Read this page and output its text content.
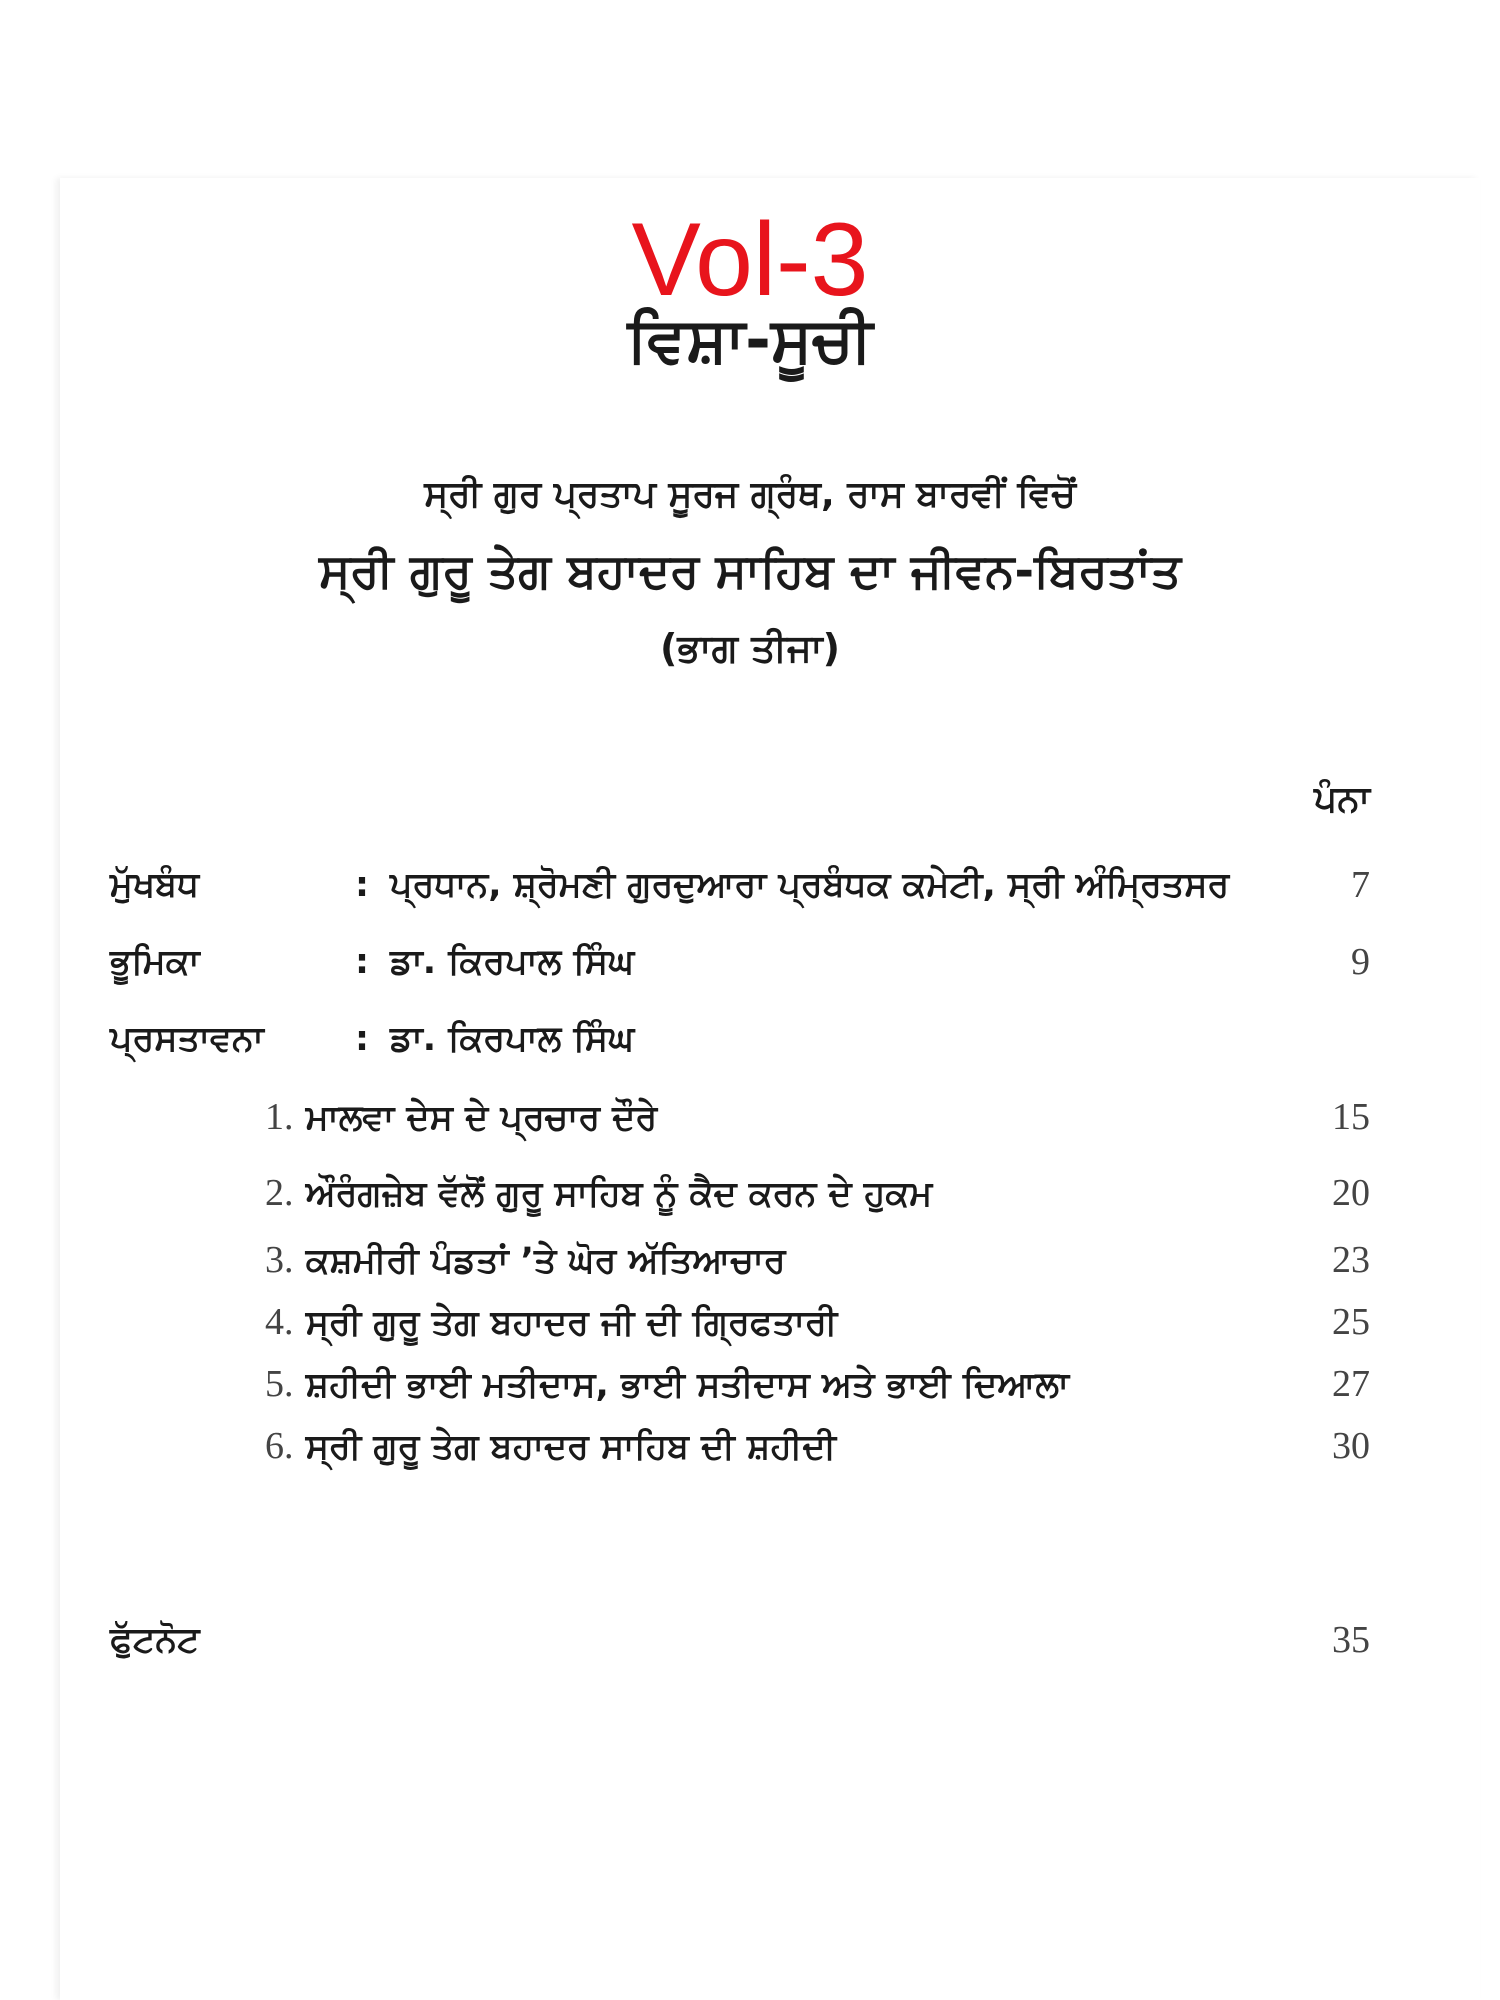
Vol-3
ਵਿਸ਼ਾ-ਸੂਚੀ
ਸ੍ਰੀ ਗੁਰ ਪ੍ਰਤਾਪ ਸੂਰਜ ਗ੍ਰੰਥ, ਰਾਸ ਬਾਰਵੀਂ ਵਿਚੋਂ
ਸ੍ਰੀ ਗੁਰੂ ਤੇਗ ਬਹਾਦਰ ਸਾਹਿਬ ਦਾ ਜੀਵਨ-ਬਿਰਤਾਂਤ
(ਭਾਗ ਤੀਜਾ)
ਪੰਨਾ
ਮੁੱਖਬੰਧ	: ਪ੍ਰਧਾਨ, ਸ਼੍ਰੋਮਣੀ ਗੁਰਦੁਆਰਾ ਪ੍ਰਬੰਧਕ ਕਮੇਟੀ, ਸ੍ਰੀ ਅੰਮ੍ਰਿਤਸਰ	7
ਭੂਮਿਕਾ	: ਡਾ. ਕਿਰਪਾਲ ਸਿੰਘ	9
ਪ੍ਰਸਤਾਵਨਾ	: ਡਾ. ਕਿਰਪਾਲ ਸਿੰਘ
1. ਮਾਲਵਾ ਦੇਸ ਦੇ ਪ੍ਰਚਾਰ ਦੌਰੇ	15
2. ਔਰੰਗਜ਼ੇਬ ਵੱਲੋਂ ਗੁਰੂ ਸਾਹਿਬ ਨੂੰ ਕੈਦ ਕਰਨ ਦੇ ਹੁਕਮ	20
3. ਕਸ਼ਮੀਰੀ ਪੰਡਤਾਂ ’ਤੇ ਘੋਰ ਅੱਤਿਆਚਾਰ	23
4. ਸ੍ਰੀ ਗੁਰੂ ਤੇਗ ਬਹਾਦਰ ਜੀ ਦੀ ਗ੍ਰਿਫਤਾਰੀ	25
5. ਸ਼ਹੀਦੀ ਭਾਈ ਮਤੀਦਾਸ, ਭਾਈ ਸਤੀਦਾਸ ਅਤੇ ਭਾਈ ਦਿਆਲਾ	27
6. ਸ੍ਰੀ ਗੁਰੂ ਤੇਗ ਬਹਾਦਰ ਸਾਹਿਬ ਦੀ ਸ਼ਹੀਦੀ	30
ਫੁੱਟਨੋਟ	35
